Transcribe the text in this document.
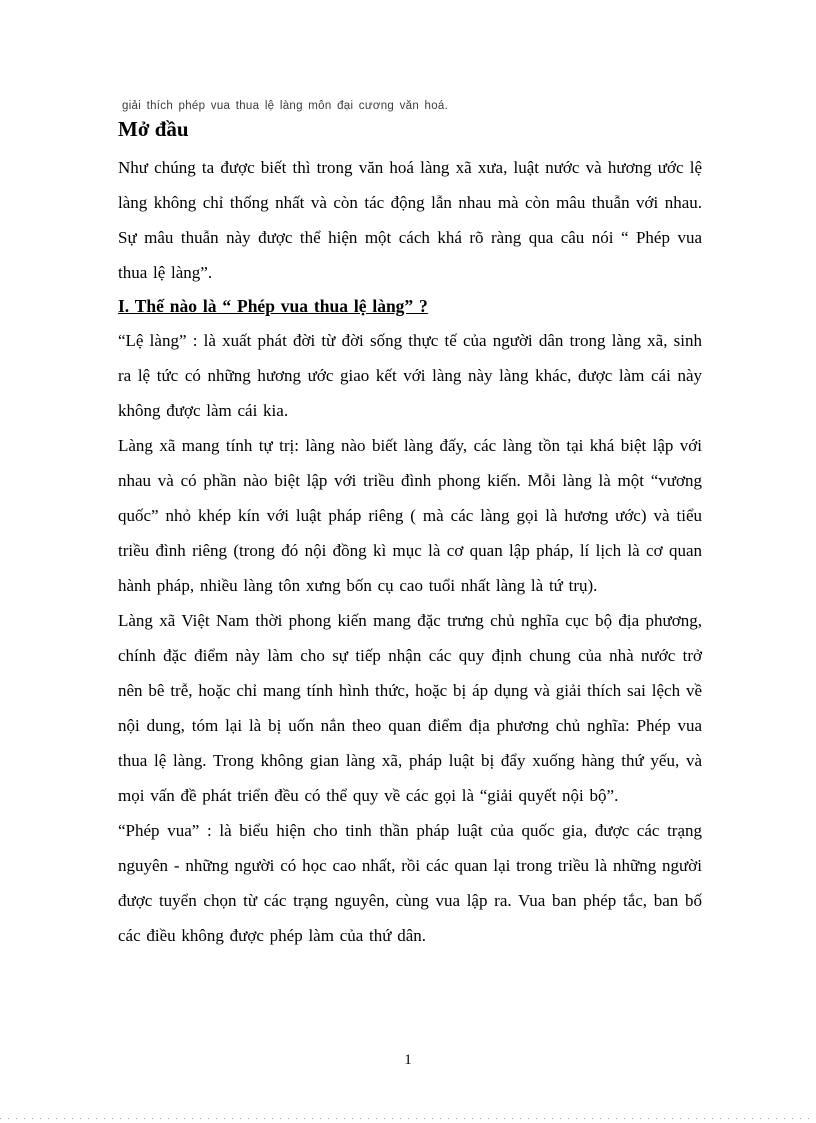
giải thích phép vua thua lệ làng môn đại cương văn hoá.
Mở đầu

Như chúng ta được biết thì trong văn hoá làng xã xưa, luật nước và hương ước lệ làng không chỉ thống nhất và còn tác động lẫn nhau mà còn mâu thuẫn với nhau. Sự mâu thuẫn này được thể hiện một cách khá rõ ràng qua câu nói “ Phép vua thua lệ làng”.

I. Thế nào là “ Phép vua thua lệ làng” ?

“Lệ làng” : là xuất phát đời từ đời sống thực tế của người dân trong làng xã, sinh ra lệ tức có những hương ước giao kết với làng này làng khác, được làm cái này không được làm cái kia.

Làng xã mang tính tự trị: làng nào biết làng đấy, các làng tồn tại khá biệt lập với nhau và có phần nào biệt lập với triều đình phong kiến. Mỗi làng là một “vương quốc” nhỏ khép kín với luật pháp riêng ( mà các làng gọi là hương ước) và tiểu triều đình riêng (trong đó nội đồng kì mục là cơ quan lập pháp, lí lịch là cơ quan hành pháp, nhiều làng tôn xưng bốn cụ cao tuổi nhất làng là tứ trụ).

Làng xã Việt Nam thời phong kiến mang đặc trưng chủ nghĩa cục bộ địa phương, chính đặc điểm này làm cho sự tiếp nhận các quy định chung của nhà nước trở nên bê trễ, hoặc chỉ mang tính hình thức, hoặc bị áp dụng và giải thích sai lệch về nội dung, tóm lại là bị uốn nắn theo quan điểm địa phương chủ nghĩa: Phép vua thua lệ làng. Trong không gian làng xã, pháp luật bị đẩy xuống hàng thứ yếu, và mọi vấn đề phát triển đều có thể quy về các gọi là “giải quyết nội bộ”.

“Phép vua” : là biểu hiện cho tinh thần pháp luật của quốc gia, được các trạng nguyên - những người có học cao nhất, rồi các quan lại trong triều là những người được tuyển chọn từ các trạng nguyên, cùng vua lập ra. Vua ban phép tắc, ban bố các điều không được phép làm của thứ dân.

1
